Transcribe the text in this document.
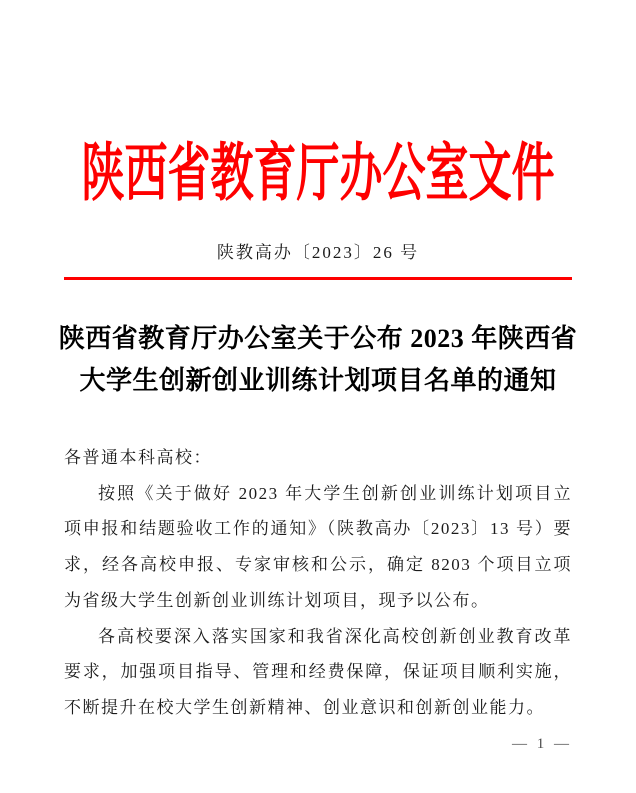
陕西省教育厅办公室文件
陕教高办〔2023〕26 号
陕西省教育厅办公室关于公布 2023 年陕西省
大学生创新创业训练计划项目名单的通知

各普通本科高校：

按照《关于做好 2023 年大学生创新创业训练计划项目立项申报和结题验收工作的通知》（陕教高办〔2023〕13 号）要求，经各高校申报、专家审核和公示，确定 8203 个项目立项为省级大学生创新创业训练计划项目，现予以公布。

各高校要深入落实国家和我省深化高校创新创业教育改革要求，加强项目指导、管理和经费保障，保证项目顺利实施，不断提升在校大学生创新精神、创业意识和创新创业能力。

— 1 —
